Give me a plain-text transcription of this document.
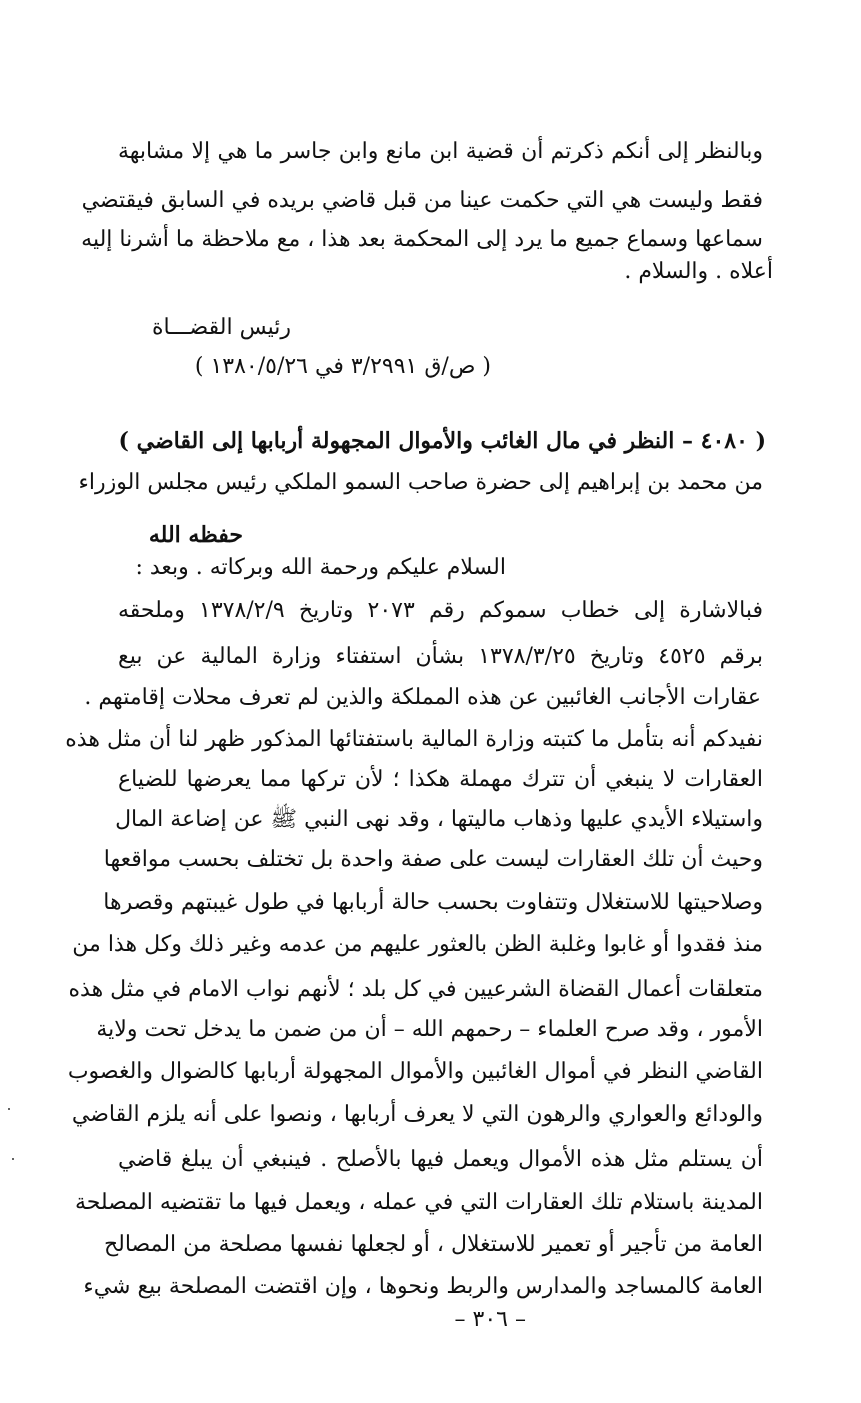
وبالنظر إلى أنكم ذكرتم أن قضية ابن مانع وابن جاسر ما هي إلا مشابهة
فقط وليست هي التي حكمت عينا من قبل قاضي بريده في السابق فيقتضي
سماعها وسماع جميع ما يرد إلى المحكمة بعد هذا ، مع ملاحظة ما أشرنا إليه
أعلاه . والسلام .
رئيس القضـــاة
( ص/ق ٣/٢٩٩١ في ١٣٨٠/٥/٢٦ )
( ٤٠٨٠ – النظر في مال الغائب والأموال المجهولة أربابها إلى القاضي )
من محمد بن إبراهيم إلى حضرة صاحب السمو الملكي رئيس مجلس الوزراء
حفظه الله
السلام عليكم ورحمة الله وبركاته . وبعد :
فبالاشارة إلى خطاب سموكم رقم ٢٠٧٣ وتاريخ ١٣٧٨/٢/٩ وملحقه
برقم ٤٥٢٥ وتاريخ ١٣٧٨/٣/٢٥ بشأن استفتاء وزارة المالية عن بيع
عقارات الأجانب الغائبين عن هذه المملكة والذين لم تعرف محلات إقامتهم .
نفيدكم أنه بتأمل ما كتبته وزارة المالية باستفتائها المذكور ظهر لنا أن مثل هذه
العقارات لا ينبغي أن تترك مهملة هكذا ؛ لأن تركها مما يعرضها للضياع
واستيلاء الأيدي عليها وذهاب ماليتها ، وقد نهى النبي ﷺ عن إضاعة المال
وحيث أن تلك العقارات ليست على صفة واحدة بل تختلف بحسب مواقعها
وصلاحيتها للاستغلال وتتفاوت بحسب حالة أربابها في طول غيبتهم وقصرها
منذ فقدوا أو غابوا وغلبة الظن بالعثور عليهم من عدمه وغير ذلك وكل هذا من
متعلقات أعمال القضاة الشرعيين في كل بلد ؛ لأنهم نواب الامام في مثل هذه
الأمور ، وقد صرح العلماء – رحمهم الله – أن من ضمن ما يدخل تحت ولاية
القاضي النظر في أموال الغائبين والأموال المجهولة أربابها كالضوال والغصوب
والودائع والعواري والرهون التي لا يعرف أربابها ، ونصوا على أنه يلزم القاضي
أن يستلم مثل هذه الأموال ويعمل فيها بالأصلح . فينبغي أن يبلغ قاضي
المدينة باستلام تلك العقارات التي في عمله ، ويعمل فيها ما تقتضيه المصلحة
العامة من تأجير أو تعمير للاستغلال ، أو لجعلها نفسها مصلحة من المصالح
العامة كالمساجد والمدارس والربط ونحوها ، وإن اقتضت المصلحة بيع شيء
– ٣٠٦ –
